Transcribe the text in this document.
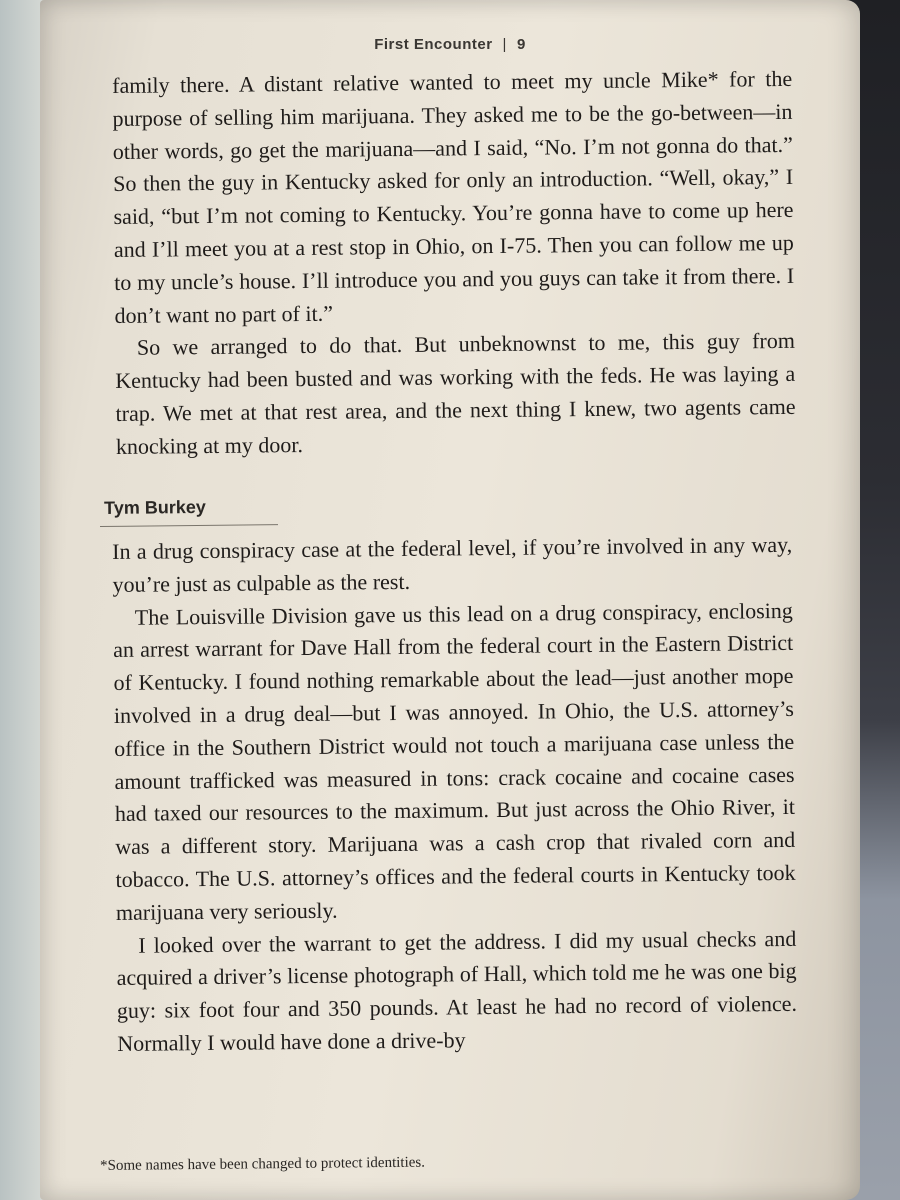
First Encounter | 9

family there. A distant relative wanted to meet my uncle Mike* for the purpose of selling him marijuana. They asked me to be the go-between—in other words, go get the marijuana—and I said, “No. I’m not gonna do that.” So then the guy in Kentucky asked for only an introduction. “Well, okay,” I said, “but I’m not coming to Kentucky. You’re gonna have to come up here and I’ll meet you at a rest stop in Ohio, on I-75. Then you can follow me up to my uncle’s house. I’ll introduce you and you guys can take it from there. I don’t want no part of it.”

So we arranged to do that. But unbeknownst to me, this guy from Kentucky had been busted and was working with the feds. He was laying a trap. We met at that rest area, and the next thing I knew, two agents came knocking at my door.

Tym Burkey

In a drug conspiracy case at the federal level, if you’re involved in any way, you’re just as culpable as the rest.

The Louisville Division gave us this lead on a drug conspiracy, enclosing an arrest warrant for Dave Hall from the federal court in the Eastern District of Kentucky. I found nothing remarkable about the lead—just another mope involved in a drug deal—but I was annoyed. In Ohio, the U.S. attorney’s office in the Southern District would not touch a marijuana case unless the amount trafficked was measured in tons: crack cocaine and cocaine cases had taxed our resources to the maximum. But just across the Ohio River, it was a different story. Marijuana was a cash crop that rivaled corn and tobacco. The U.S. attorney’s offices and the federal courts in Kentucky took marijuana very seriously.

I looked over the warrant to get the address. I did my usual checks and acquired a driver’s license photograph of Hall, which told me he was one big guy: six foot four and 350 pounds. At least he had no record of violence. Normally I would have done a drive-by

*Some names have been changed to protect identities.
